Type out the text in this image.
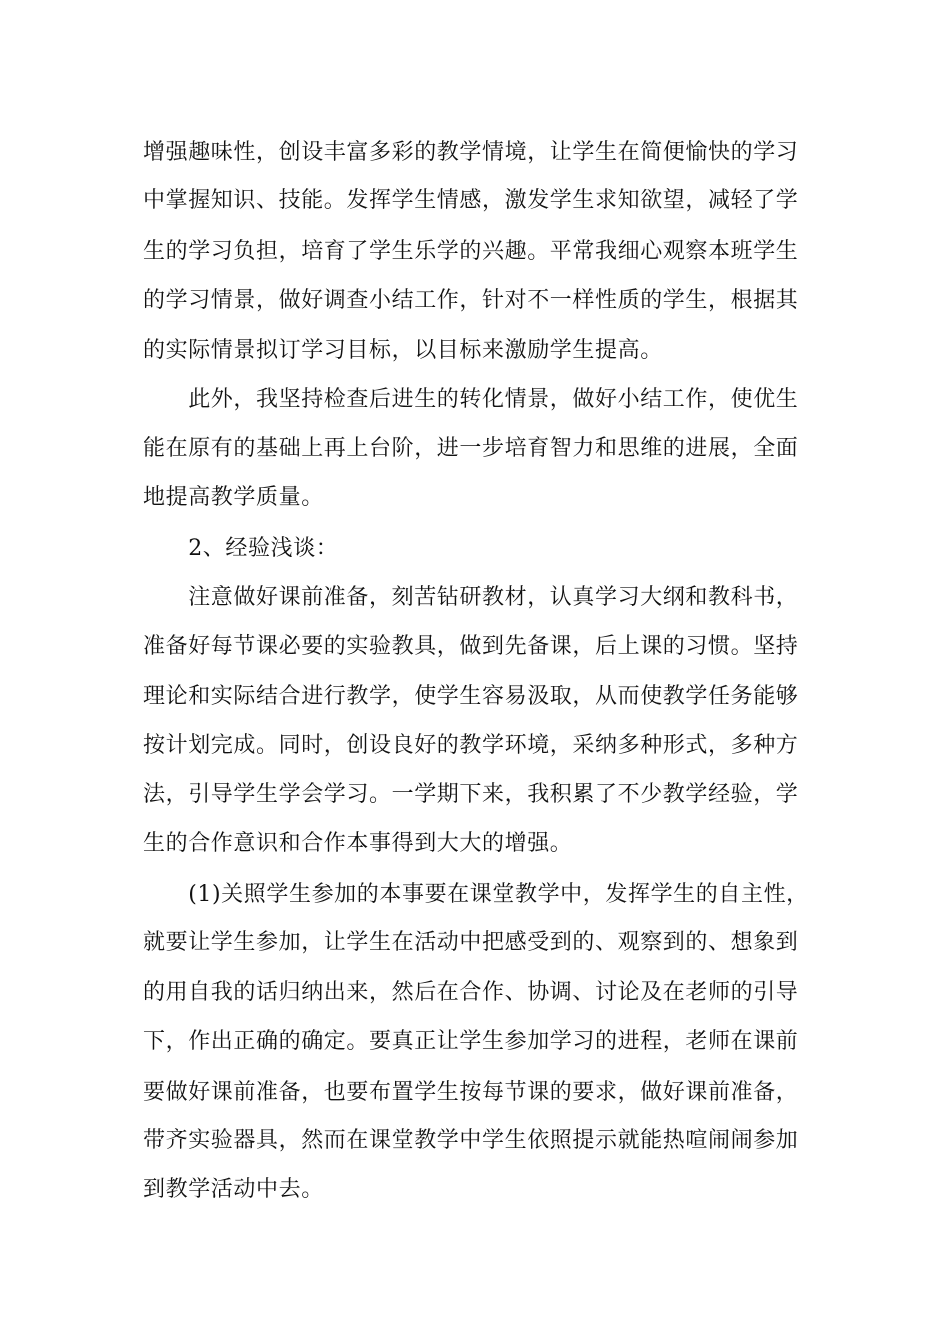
增强趣味性，创设丰富多彩的教学情境，让学生在简便愉快的学习
中掌握知识、技能。发挥学生情感，激发学生求知欲望，减轻了学
生的学习负担，培育了学生乐学的兴趣。平常我细心观察本班学生
的学习情景，做好调查小结工作，针对不一样性质的学生，根据其
的实际情景拟订学习目标，以目标来激励学生提高。
　　此外，我坚持检查后进生的转化情景，做好小结工作，使优生
能在原有的基础上再上台阶，进一步培育智力和思维的进展，全面
地提高教学质量。
　　2、经验浅谈：
　　注意做好课前准备，刻苦钻研教材，认真学习大纲和教科书，
准备好每节课必要的实验教具，做到先备课，后上课的习惯。坚持
理论和实际结合进行教学，使学生容易汲取，从而使教学任务能够
按计划完成。同时，创设良好的教学环境，采纳多种形式，多种方
法，引导学生学会学习。一学期下来，我积累了不少教学经验，学
生的合作意识和合作本事得到大大的增强。
　　(1)关照学生参加的本事要在课堂教学中，发挥学生的自主性，
就要让学生参加，让学生在活动中把感受到的、观察到的、想象到
的用自我的话归纳出来，然后在合作、协调、讨论及在老师的引导
下，作出正确的确定。要真正让学生参加学习的进程，老师在课前
要做好课前准备，也要布置学生按每节课的要求，做好课前准备，
带齐实验器具，然而在课堂教学中学生依照提示就能热喧闹闹参加
到教学活动中去。
